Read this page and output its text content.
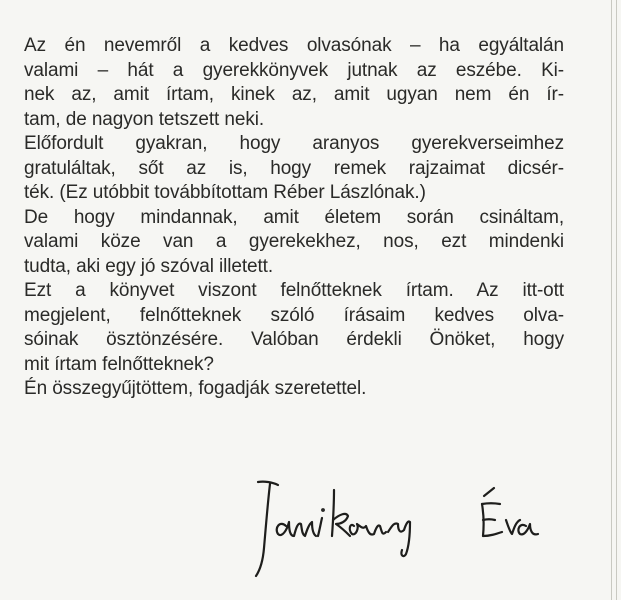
Az én nevemről a kedves olvasónak – ha egyáltalán
valami – hát a gyerekkönyvek jutnak az eszébe. Ki-
nek az, amit írtam, kinek az, amit ugyan nem én ír-
tam, de nagyon tetszett neki.

Előfordult gyakran, hogy aranyos gyerekverseimhez
gratuláltak, sőt az is, hogy remek rajzaimat dicsér-
ték. (Ez utóbbit továbbítottam Réber Lászlónak.)

De hogy mindannak, amit életem során csináltam,
valami köze van a gyerekekhez, nos, ezt mindenki
tudta, aki egy jó szóval illetett.

Ezt a könyvet viszont felnőtteknek írtam. Az itt-ott
megjelent, felnőtteknek szóló írásaim kedves olva-
sóinak ösztönzésére. Valóban érdekli Önöket, hogy
mit írtam felnőtteknek?

Én összegyűjtöttem, fogadják szeretettel.
